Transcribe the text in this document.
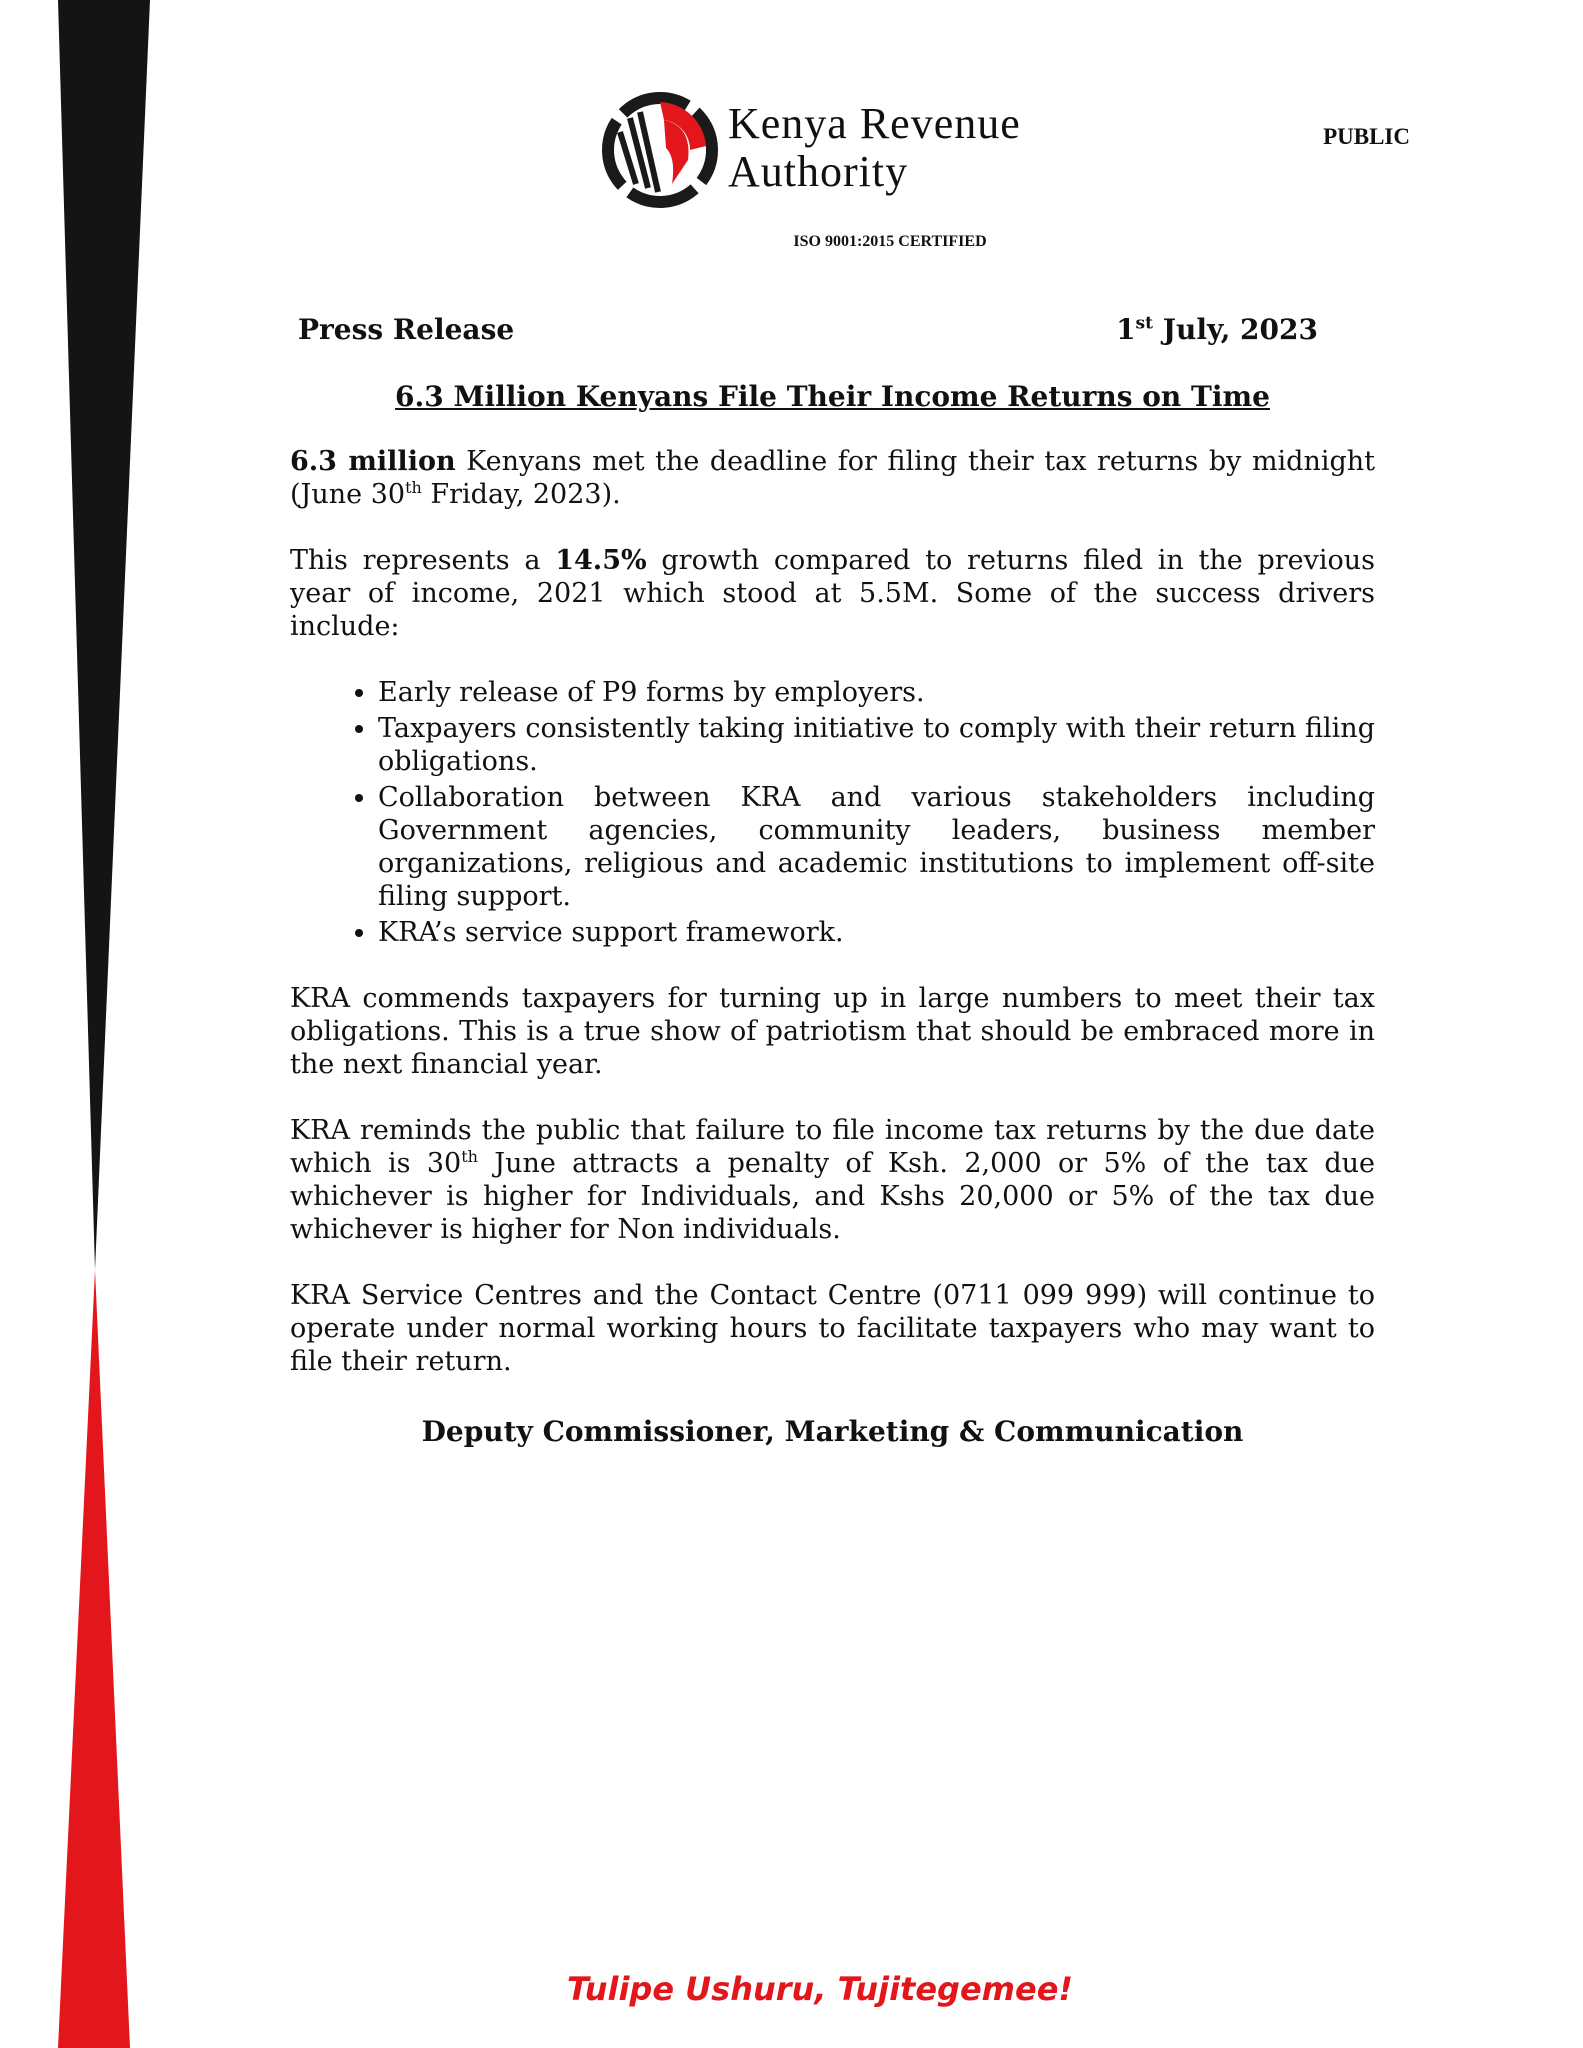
Kenya Revenue
Authority
PUBLIC
ISO 9001:2015 CERTIFIED
Press Release	1st July, 2023
6.3 Million Kenyans File Their Income Returns on Time

6.3 million Kenyans met the deadline for filing their tax returns by midnight (June 30th Friday, 2023).

This represents a 14.5% growth compared to returns filed in the previous year of income, 2021 which stood at 5.5M. Some of the success drivers include:

• Early release of P9 forms by employers.
• Taxpayers consistently taking initiative to comply with their return filing obligations.
• Collaboration between KRA and various stakeholders including Government agencies, community leaders, business member organizations, religious and academic institutions to implement off-site filing support.
• KRA’s service support framework.

KRA commends taxpayers for turning up in large numbers to meet their tax obligations. This is a true show of patriotism that should be embraced more in the next financial year.

KRA reminds the public that failure to file income tax returns by the due date which is 30th June attracts a penalty of Ksh. 2,000 or 5% of the tax due whichever is higher for Individuals, and Kshs 20,000 or 5% of the tax due whichever is higher for Non individuals.

KRA Service Centres and the Contact Centre (0711 099 999) will continue to operate under normal working hours to facilitate taxpayers who may want to file their return.

Deputy Commissioner, Marketing & Communication
Tulipe Ushuru, Tujitegemee!
